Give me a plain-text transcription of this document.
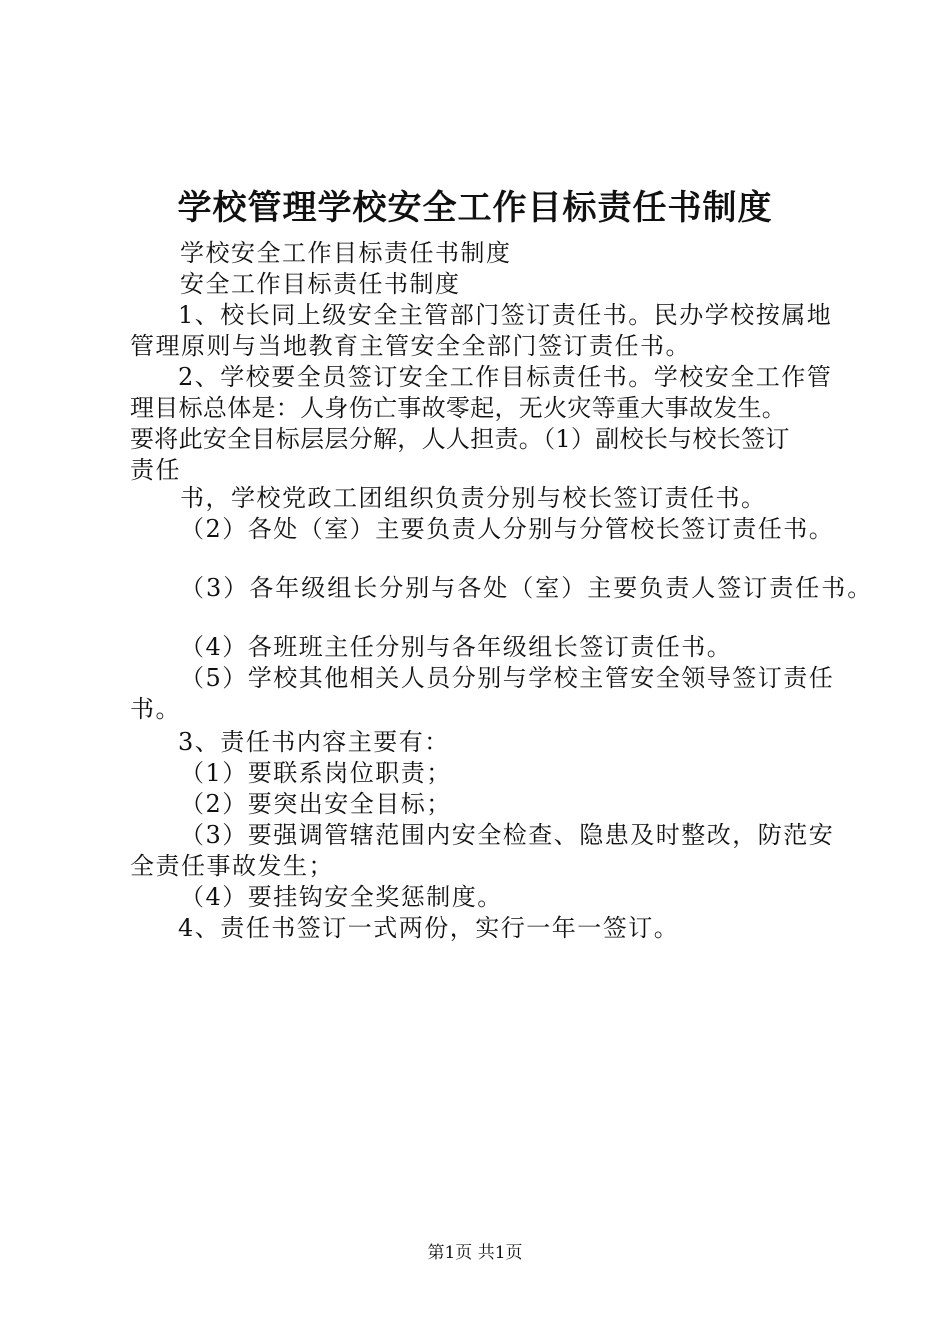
学校管理学校安全工作目标责任书制度
学校安全工作目标责任书制度
安全工作目标责任书制度
1、校长同上级安全主管部门签订责任书。民办学校按属地
管理原则与当地教育主管安全全部门签订责任书。
2、学校要全员签订安全工作目标责任书。学校安全工作管
理目标总体是：人身伤亡事故零起，无火灾等重大事故发生。
要将此安全目标层层分解，人人担责。（1）副校长与校长签订
责任
书，学校党政工团组织负责分别与校长签订责任书。
（2）各处（室）主要负责人分别与分管校长签订责任书。
（3）各年级组长分别与各处（室）主要负责人签订责任书。
（4）各班班主任分别与各年级组长签订责任书。
（5）学校其他相关人员分别与学校主管安全领导签订责任
书。
3、责任书内容主要有：
（1）要联系岗位职责；
（2）要突出安全目标；
（3）要强调管辖范围内安全检查、隐患及时整改，防范安
全责任事故发生；
（4）要挂钩安全奖惩制度。
4、责任书签订一式两份，实行一年一签订。
第1页 共1页
